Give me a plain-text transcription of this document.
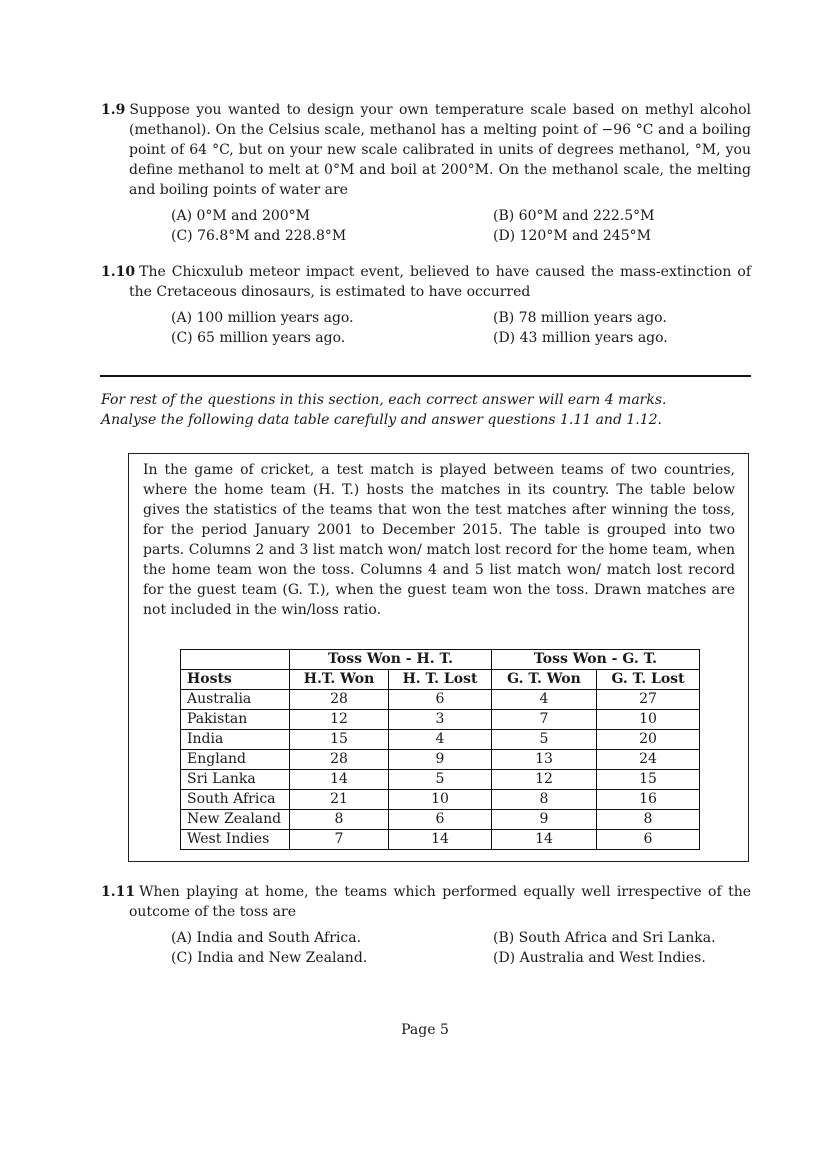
1.9 Suppose you wanted to design your own temperature scale based on methyl alcohol (methanol). On the Celsius scale, methanol has a melting point of −96 °C and a boiling point of 64 °C, but on your new scale calibrated in units of degrees methanol, °M, you define methanol to melt at 0°M and boil at 200°M. On the methanol scale, the melting and boiling points of water are
(A) 0°M and 200°M	(B) 60°M and 222.5°M
(C) 76.8°M and 228.8°M	(D) 120°M and 245°M
1.10 The Chicxulub meteor impact event, believed to have caused the mass-extinction of the Cretaceous dinosaurs, is estimated to have occurred
(A) 100 million years ago.	(B) 78 million years ago.
(C) 65 million years ago.	(D) 43 million years ago.
For rest of the questions in this section, each correct answer will earn 4 marks.
Analyse the following data table carefully and answer questions 1.11 and 1.12.
In the game of cricket, a test match is played between teams of two countries, where the home team (H. T.) hosts the matches in its country. The table below gives the statistics of the teams that won the test matches after winning the toss, for the period January 2001 to December 2015. The table is grouped into two parts. Columns 2 and 3 list match won/ match lost record for the home team, when the home team won the toss. Columns 4 and 5 list match won/ match lost record for the guest team (G. T.), when the guest team won the toss. Drawn matches are not included in the win/loss ratio.
	Toss Won - H. T.		Toss Won - G. T.	
Hosts	H.T. Won	H. T. Lost	G. T. Won	G. T. Lost
Australia	28	6	4	27
Pakistan	12	3	7	10
India	15	4	5	20
England	28	9	13	24
Sri Lanka	14	5	12	15
South Africa	21	10	8	16
New Zealand	8	6	9	8
West Indies	7	14	14	6
1.11 When playing at home, the teams which performed equally well irrespective of the outcome of the toss are
(A) India and South Africa.	(B) South Africa and Sri Lanka.
(C) India and New Zealand.	(D) Australia and West Indies.
Page 5
